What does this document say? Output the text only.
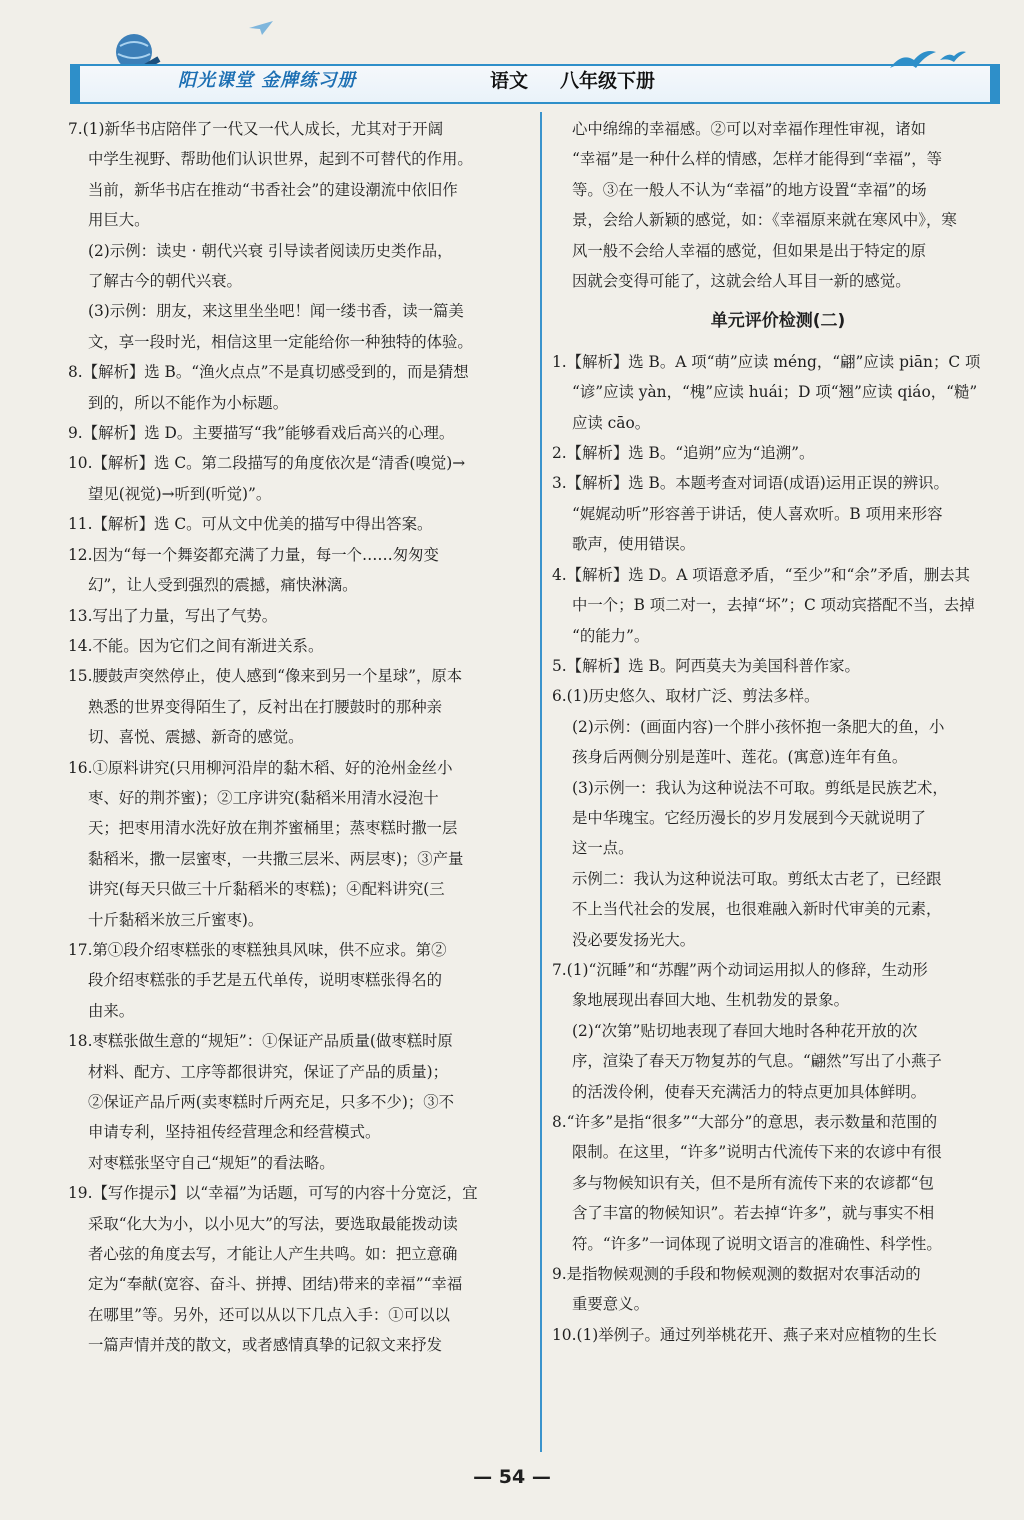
阳光课堂 金牌练习册	语文 八年级下册

7.(1)新华书店陪伴了一代又一代人成长，尤其对于开阔

中学生视野、帮助他们认识世界，起到不可替代的作用。

当前，新华书店在推动“书香社会”的建设潮流中依旧作

用巨大。

(2)示例：读史 · 朝代兴衰 引导读者阅读历史类作品，

了解古今的朝代兴衰。

(3)示例：朋友，来这里坐坐吧！闻一缕书香，读一篇美

文，享一段时光，相信这里一定能给你一种独特的体验。

8.【解析】选 B。“渔火点点”不是真切感受到的，而是猜想

到的，所以不能作为小标题。

9.【解析】选 D。主要描写“我”能够看戏后高兴的心理。

10.【解析】选 C。第二段描写的角度依次是“清香(嗅觉)→

望见(视觉)→听到(听觉)”。

11.【解析】选 C。可从文中优美的描写中得出答案。

12.因为“每一个舞姿都充满了力量，每一个……匆匆变

幻”，让人受到强烈的震撼，痛快淋漓。

13.写出了力量，写出了气势。

14.不能。因为它们之间有渐进关系。

15.腰鼓声突然停止，使人感到“像来到另一个星球”，原本

熟悉的世界变得陌生了，反衬出在打腰鼓时的那种亲

切、喜悦、震撼、新奇的感觉。

16.①原料讲究(只用柳河沿岸的黏木稻、好的沧州金丝小

枣、好的荆芥蜜)；②工序讲究(黏稻米用清水浸泡十

天；把枣用清水洗好放在荆芥蜜桶里；蒸枣糕时撒一层

黏稻米，撒一层蜜枣，一共撒三层米、两层枣)；③产量

讲究(每天只做三十斤黏稻米的枣糕)；④配料讲究(三

十斤黏稻米放三斤蜜枣)。

17.第①段介绍枣糕张的枣糕独具风味，供不应求。第②

段介绍枣糕张的手艺是五代单传，说明枣糕张得名的

由来。

18.枣糕张做生意的“规矩”：①保证产品质量(做枣糕时原

材料、配方、工序等都很讲究，保证了产品的质量)；

②保证产品斤两(卖枣糕时斤两充足，只多不少)；③不

申请专利，坚持祖传经营理念和经营模式。

对枣糕张坚守自己“规矩”的看法略。

19.【写作提示】以“幸福”为话题，可写的内容十分宽泛，宜

采取“化大为小，以小见大”的写法，要选取最能拨动读

者心弦的角度去写，才能让人产生共鸣。如：把立意确

定为“奉献(宽容、奋斗、拼搏、团结)带来的幸福”“幸福

在哪里”等。另外，还可以从以下几点入手：①可以以

一篇声情并茂的散文，或者感情真挚的记叙文来抒发

心中绵绵的幸福感。②可以对幸福作理性审视，诸如

“幸福”是一种什么样的情感，怎样才能得到“幸福”，等

等。③在一般人不认为“幸福”的地方设置“幸福”的场

景，会给人新颖的感觉，如：《幸福原来就在寒风中》，寒

风一般不会给人幸福的感觉，但如果是出于特定的原

因就会变得可能了，这就会给人耳目一新的感觉。

单元评价检测(二)

1.【解析】选 B。A 项“萌”应读 méng，“翩”应读 piān；C 项

“谚”应读 yàn，“槐”应读 huái；D 项“翘”应读 qiáo，“糙”

应读 cāo。

2.【解析】选 B。“追朔”应为“追溯”。

3.【解析】选 B。本题考查对词语(成语)运用正误的辨识。

“娓娓动听”形容善于讲话，使人喜欢听。B 项用来形容

歌声，使用错误。

4.【解析】选 D。A 项语意矛盾，“至少”和“余”矛盾，删去其

中一个；B 项二对一，去掉“坏”；C 项动宾搭配不当，去掉

“的能力”。

5.【解析】选 B。阿西莫夫为美国科普作家。

6.(1)历史悠久、取材广泛、剪法多样。

(2)示例：(画面内容)一个胖小孩怀抱一条肥大的鱼，小

孩身后两侧分别是莲叶、莲花。(寓意)连年有鱼。

(3)示例一：我认为这种说法不可取。剪纸是民族艺术，

是中华瑰宝。它经历漫长的岁月发展到今天就说明了

这一点。

示例二：我认为这种说法可取。剪纸太古老了，已经跟

不上当代社会的发展，也很难融入新时代审美的元素，

没必要发扬光大。

7.(1)“沉睡”和“苏醒”两个动词运用拟人的修辞，生动形

象地展现出春回大地、生机勃发的景象。

(2)“次第”贴切地表现了春回大地时各种花开放的次

序，渲染了春天万物复苏的气息。“翩然”写出了小燕子

的活泼伶俐，使春天充满活力的特点更加具体鲜明。

8.“许多”是指“很多”“大部分”的意思，表示数量和范围的

限制。在这里，“许多”说明古代流传下来的农谚中有很

多与物候知识有关，但不是所有流传下来的农谚都“包

含了丰富的物候知识”。若去掉“许多”，就与事实不相

符。“许多”一词体现了说明文语言的准确性、科学性。

9.是指物候观测的手段和物候观测的数据对农事活动的

重要意义。

10.(1)举例子。通过列举桃花开、燕子来对应植物的生长

— 54 —
